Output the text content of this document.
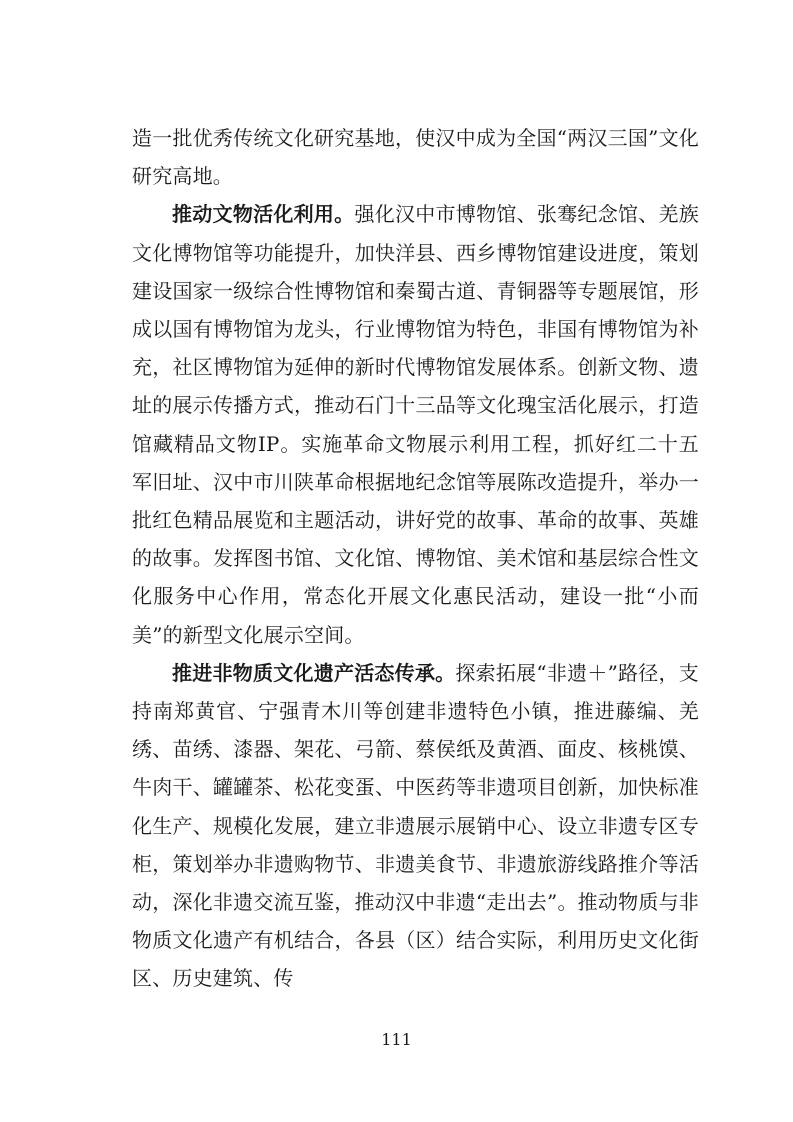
造一批优秀传统文化研究基地，使汉中成为全国“两汉三国”文化研究高地。

推动文物活化利用。强化汉中市博物馆、张骞纪念馆、羌族文化博物馆等功能提升，加快洋县、西乡博物馆建设进度，策划建设国家一级综合性博物馆和秦蜀古道、青铜器等专题展馆，形成以国有博物馆为龙头，行业博物馆为特色，非国有博物馆为补充，社区博物馆为延伸的新时代博物馆发展体系。创新文物、遗址的展示传播方式，推动石门十三品等文化瑰宝活化展示，打造馆藏精品文物IP。实施革命文物展示利用工程，抓好红二十五军旧址、汉中市川陕革命根据地纪念馆等展陈改造提升，举办一批红色精品展览和主题活动，讲好党的故事、革命的故事、英雄的故事。发挥图书馆、文化馆、博物馆、美术馆和基层综合性文化服务中心作用，常态化开展文化惠民活动，建设一批“小而美”的新型文化展示空间。

推进非物质文化遗产活态传承。探索拓展“非遗＋”路径，支持南郑黄官、宁强青木川等创建非遗特色小镇，推进藤编、羌绣、苗绣、漆器、架花、弓箭、蔡侯纸及黄酒、面皮、核桃馍、牛肉干、罐罐茶、松花变蛋、中医药等非遗项目创新，加快标准化生产、规模化发展，建立非遗展示展销中心、设立非遗专区专柜，策划举办非遗购物节、非遗美食节、非遗旅游线路推介等活动，深化非遗交流互鉴，推动汉中非遗“走出去”。推动物质与非物质文化遗产有机结合，各县（区）结合实际，利用历史文化街区、历史建筑、传

111
